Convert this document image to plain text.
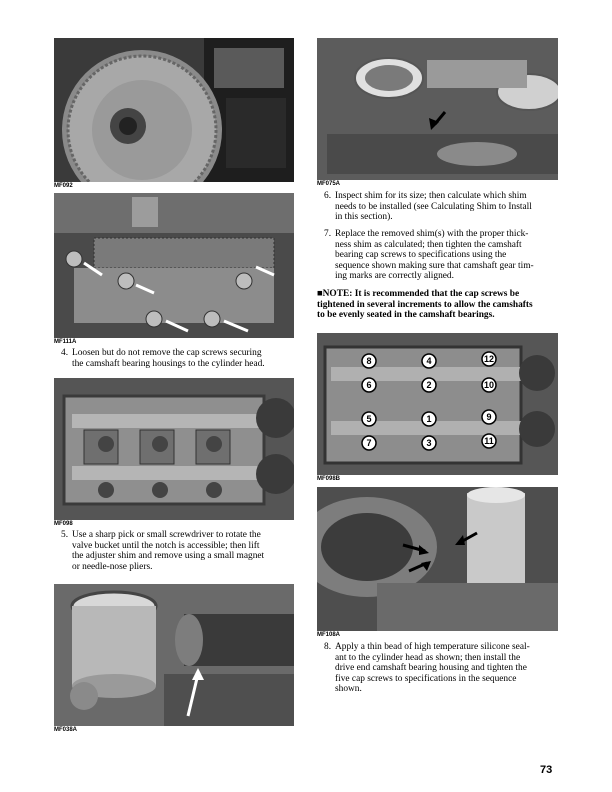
MF092
MF111A
4. Loosen but do not remove the cap screws securing
the camshaft bearing housings to the cylinder head.
MF098
5. Use a sharp pick or small screwdriver to rotate the
valve bucket until the notch is accessible; then lift
the adjuster shim and remove using a small magnet
or needle-nose pliers.
MF038A
MF075A
6. Inspect shim for its size; then calculate which shim
needs to be installed (see Calculating Shim to Install
in this section).
7. Replace the removed shim(s) with the proper thick-
ness shim as calculated; then tighten the camshaft
bearing cap screws to specifications using the
sequence shown making sure that camshaft gear tim-
ing marks are correctly aligned.
■NOTE: It is recommended that the cap screws be
tightened in several increments to allow the camshafts
to be evenly seated in the camshaft bearings.
8	4	12
6	2	10
5	1	9
7	3	11
MF098B
MF108A
8. Apply a thin bead of high temperature silicone seal-
ant to the cylinder head as shown; then install the
drive end camshaft bearing housing and tighten the
five cap screws to specifications in the sequence
shown.
73
